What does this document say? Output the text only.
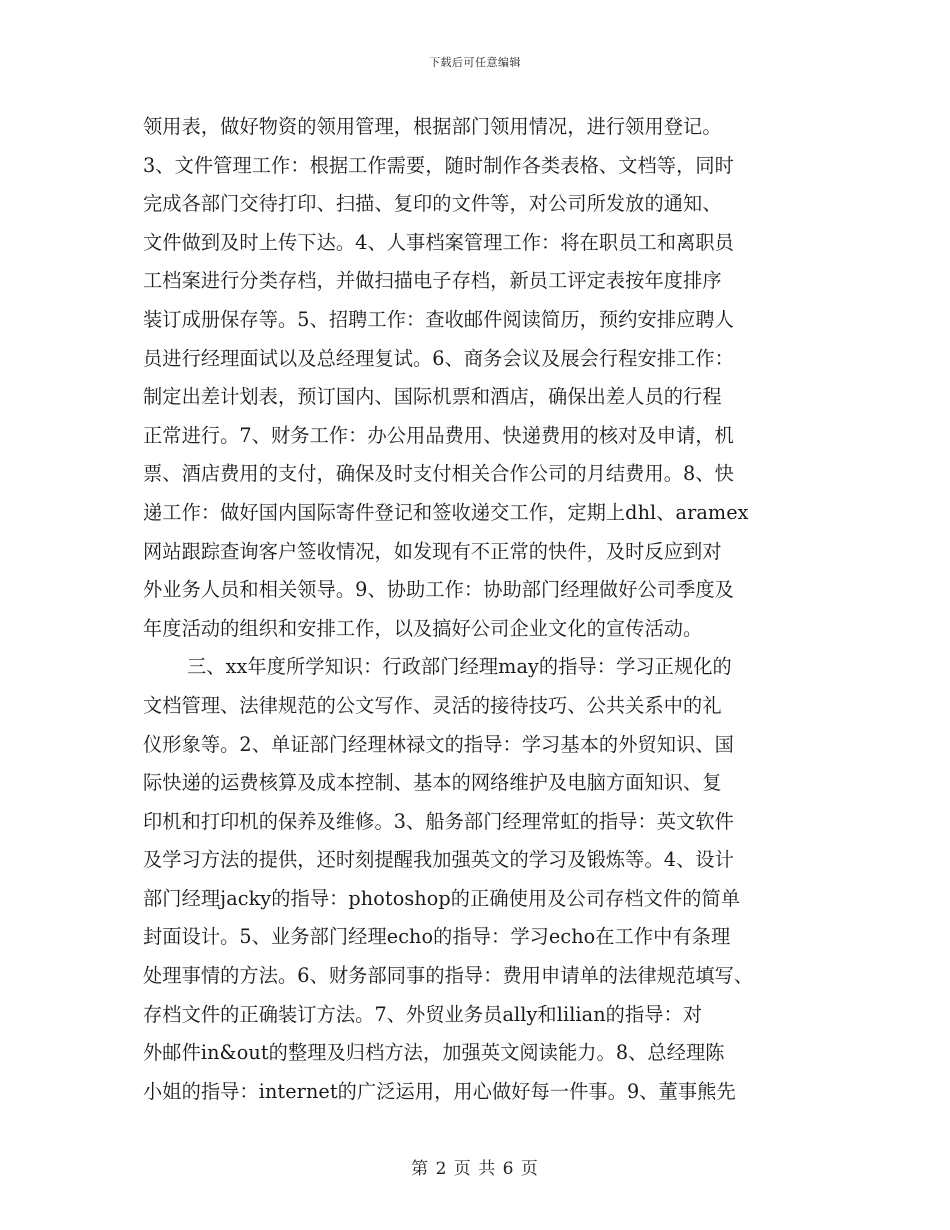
下载后可任意编辑
领用表，做好物资的领用管理，根据部门领用情况，进行领用登记。
3、文件管理工作：根据工作需要，随时制作各类表格、文档等，同时
完成各部门交待打印、扫描、复印的文件等，对公司所发放的通知、
文件做到及时上传下达。4、人事档案管理工作：将在职员工和离职员
工档案进行分类存档，并做扫描电子存档，新员工评定表按年度排序
装订成册保存等。5、招聘工作：查收邮件阅读简历，预约安排应聘人
员进行经理面试以及总经理复试。6、商务会议及展会行程安排工作：
制定出差计划表，预订国内、国际机票和酒店，确保出差人员的行程
正常进行。7、财务工作：办公用品费用、快递费用的核对及申请，机
票、酒店费用的支付，确保及时支付相关合作公司的月结费用。8、快
递工作：做好国内国际寄件登记和签收递交工作，定期上dhl、aramex
网站跟踪查询客户签收情况，如发现有不正常的快件，及时反应到对
外业务人员和相关领导。9、协助工作：协助部门经理做好公司季度及
年度活动的组织和安排工作，以及搞好公司企业文化的宣传活动。
三、xx年度所学知识：行政部门经理may的指导：学习正规化的
文档管理、法律规范的公文写作、灵活的接待技巧、公共关系中的礼
仪形象等。2、单证部门经理林禄文的指导：学习基本的外贸知识、国
际快递的运费核算及成本控制、基本的网络维护及电脑方面知识、复
印机和打印机的保养及维修。3、船务部门经理常虹的指导：英文软件
及学习方法的提供，还时刻提醒我加强英文的学习及锻炼等。4、设计
部门经理jacky的指导：photoshop的正确使用及公司存档文件的简单
封面设计。5、业务部门经理echo的指导：学习echo在工作中有条理
处理事情的方法。6、财务部同事的指导：费用申请单的法律规范填写、
存档文件的正确装订方法。7、外贸业务员ally和lilian的指导：对
外邮件in&out的整理及归档方法，加强英文阅读能力。8、总经理陈
小姐的指导：internet的广泛运用，用心做好每一件事。9、董事熊先
第 2 页 共 6 页
